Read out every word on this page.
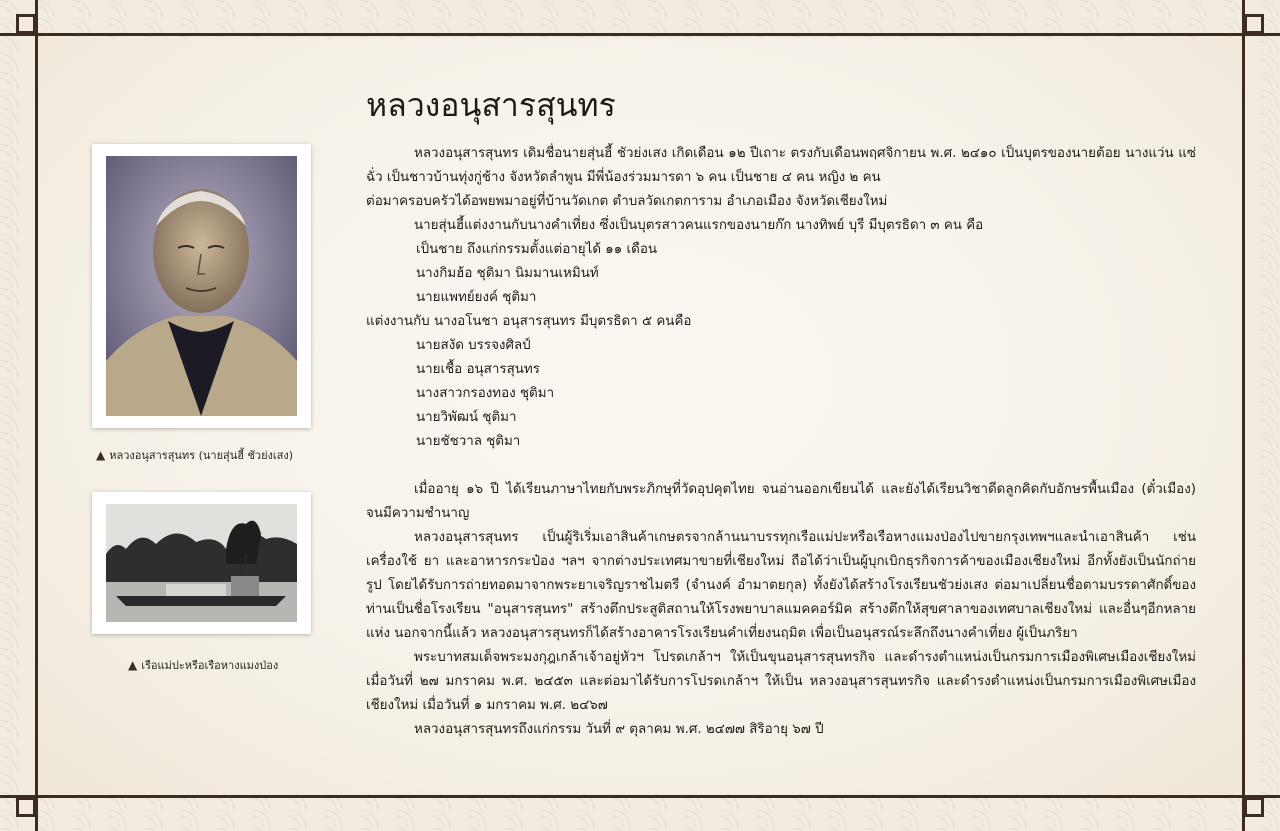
หลวงอนุสารสุนทร
▲ หลวงอนุสารสุนทร (นายสุ่นฮี้ ชัวย่งเสง)
▲ เรือแม่ปะหรือเรือหางแมงป่อง

หลวงอนุสารสุนทร เดิมชื่อนายสุ่นฮี้ ชัวย่งเสง เกิดเดือน ๑๒ ปีเถาะ ตรงกับเดือนพฤศจิกายน พ.ศ. ๒๔๑๐ เป็นบุตรของนายต้อย นางแว่น แซ่ฉั่ว เป็นชาวบ้านทุ่งกู่ช้าง จังหวัดลำพูน มีพี่น้องร่วมมารดา ๖ คน เป็นชาย ๔ คน หญิง ๒ คน

ต่อมาครอบครัวได้อพยพมาอยู่ที่บ้านวัดเกต ตำบลวัดเกตการาม อำเภอเมือง จังหวัดเชียงใหม่

นายสุ่นฮี้แต่งงานกับนางคำเที่ยง ซึ่งเป็นบุตรสาวคนแรกของนายก๊ก นางทิพย์ บุรี มีบุตรธิดา ๓ คน คือ

เป็นชาย ถึงแก่กรรมตั้งแต่อายุได้ ๑๑ เดือน

นางกิมฮ้อ ชุติมา นิมมานเหมินท์

นายแพทย์ยงค์ ชุติมา

แต่งงานกับ นางอโนชา อนุสารสุนทร มีบุตรธิดา ๕ คนคือ

นายสงัด บรรจงศิลป์

นายเชื้อ อนุสารสุนทร

นางสาวกรองทอง ชุติมา

นายวิพัฒน์ ชุติมา

นายชัชวาล ชุติมา

เมื่ออายุ ๑๖ ปี ได้เรียนภาษาไทยกับพระภิกษุที่วัดอุปคุตไทย จนอ่านออกเขียนได้ และยังได้เรียนวิชาดีดลูกคิดกับอักษรพื้นเมือง (ตั๋วเมือง) จนมีความชำนาญ

หลวงอนุสารสุนทร เป็นผู้ริเริ่มเอาสินค้าเกษตรจากล้านนาบรรทุกเรือแม่ปะหรือเรือหางแมงป่องไปขายกรุงเทพฯและนำเอาสินค้า เช่น เครื่องใช้ ยา และอาหารกระป๋อง ฯลฯ จากต่างประเทศมาขายที่เชียงใหม่ ถือได้ว่าเป็นผู้บุกเบิกธุรกิจการค้าของเมืองเชียงใหม่ อีกทั้งยังเป็นนักถ่ายรูป โดยได้รับการถ่ายทอดมาจากพระยาเจริญราชไมตรี (จำนงค์ อำมาตยกุล) ทั้งยังได้สร้างโรงเรียนชัวย่งเสง ต่อมาเปลี่ยนชื่อตามบรรดาศักดิ์ของท่านเป็นชื่อโรงเรียน "อนุสารสุนทร" สร้างตึกประสูติสถานให้โรงพยาบาลแมคคอร์มิค สร้างตึกให้สุขศาลาของเทศบาลเชียงใหม่ และอื่นๆอีกหลายแห่ง นอกจากนี้แล้ว หลวงอนุสารสุนทรก็ได้สร้างอาคารโรงเรียนคำเที่ยงนฤมิต เพื่อเป็นอนุสรณ์ระลึกถึงนางคำเที่ยง ผู้เป็นภริยา

พระบาทสมเด็จพระมงกุฎเกล้าเจ้าอยู่หัวฯ โปรดเกล้าฯ ให้เป็นขุนอนุสารสุนทรกิจ และดำรงตำแหน่งเป็นกรมการเมืองพิเศษเมืองเชียงใหม่ เมื่อวันที่ ๒๗ มกราคม พ.ศ. ๒๔๕๓ และต่อมาได้รับการโปรดเกล้าฯ ให้เป็น หลวงอนุสารสุนทรกิจ และดำรงตำแหน่งเป็นกรมการเมืองพิเศษเมืองเชียงใหม่ เมื่อวันที่ ๑ มกราคม พ.ศ. ๒๔๖๗

หลวงอนุสารสุนทรถึงแก่กรรม วันที่ ๙ ตุลาคม พ.ศ. ๒๔๗๗ สิริอายุ ๖๗ ปี
